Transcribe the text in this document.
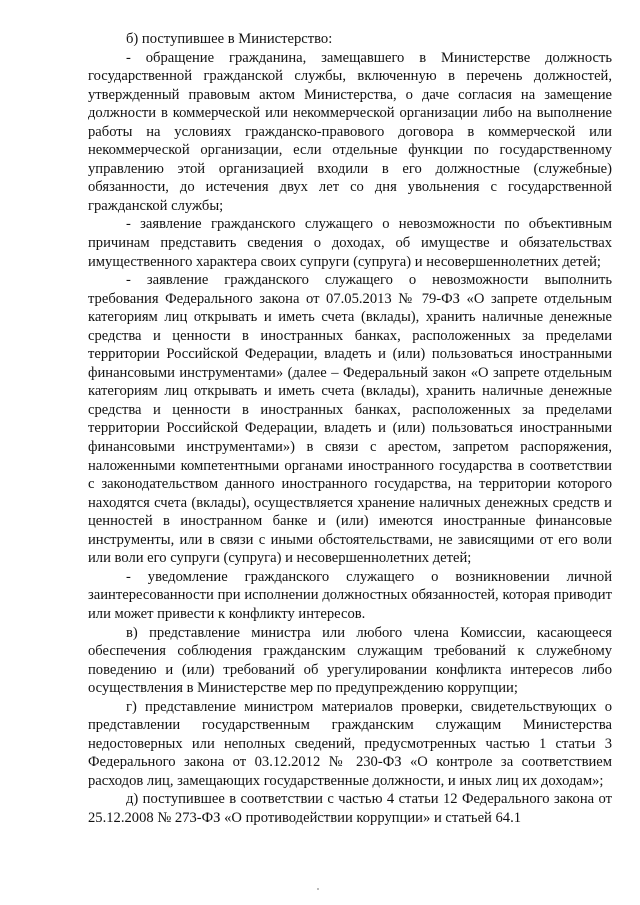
б) поступившее в Министерство:

- обращение гражданина, замещавшего в Министерстве должность государственной гражданской службы, включенную в перечень должностей, утвержденный правовым актом Министерства, о даче согласия на замещение должности в коммерческой или некоммерческой организации либо на выполнение работы на условиях гражданско-правового договора в коммерческой или некоммерческой организации, если отдельные функции по государственному управлению этой организацией входили в его должностные (служебные) обязанности, до истечения двух лет со дня увольнения с государственной гражданской службы;

- заявление гражданского служащего о невозможности по объективным причинам представить сведения о доходах, об имуществе и обязательствах имущественного характера своих супруги (супруга) и несовершеннолетних детей;

- заявление гражданского служащего о невозможности выполнить требования Федерального закона от 07.05.2013 № 79-ФЗ «О запрете отдельным категориям лиц открывать и иметь счета (вклады), хранить наличные денежные средства и ценности в иностранных банках, расположенных за пределами территории Российской Федерации, владеть и (или) пользоваться иностранными финансовыми инструментами» (далее – Федеральный закон «О запрете отдельным категориям лиц открывать и иметь счета (вклады), хранить наличные денежные средства и ценности в иностранных банках, расположенных за пределами территории Российской Федерации, владеть и (или) пользоваться иностранными финансовыми инструментами») в связи с арестом, запретом распоряжения, наложенными компетентными органами иностранного государства в соответствии с законодательством данного иностранного государства, на территории которого находятся счета (вклады), осуществляется хранение наличных денежных средств и ценностей в иностранном банке и (или) имеются иностранные финансовые инструменты, или в связи с иными обстоятельствами, не зависящими от его воли или воли его супруги (супруга) и несовершеннолетних детей;

- уведомление гражданского служащего о возникновении личной заинтересованности при исполнении должностных обязанностей, которая приводит или может привести к конфликту интересов.

в) представление министра или любого члена Комиссии, касающееся обеспечения соблюдения гражданским служащим требований к служебному поведению и (или) требований об урегулировании конфликта интересов либо осуществления в Министерстве мер по предупреждению коррупции;

г) представление министром материалов проверки, свидетельствующих о представлении государственным гражданским служащим Министерства недостоверных или неполных сведений, предусмотренных частью 1 статьи 3 Федерального закона от 03.12.2012 № 230-ФЗ «О контроле за соответствием расходов лиц, замещающих государственные должности, и иных лиц их доходам»;

д) поступившее в соответствии с частью 4 статьи 12 Федерального закона от 25.12.2008 № 273-ФЗ «О противодействии коррупции» и статьей 64.1
